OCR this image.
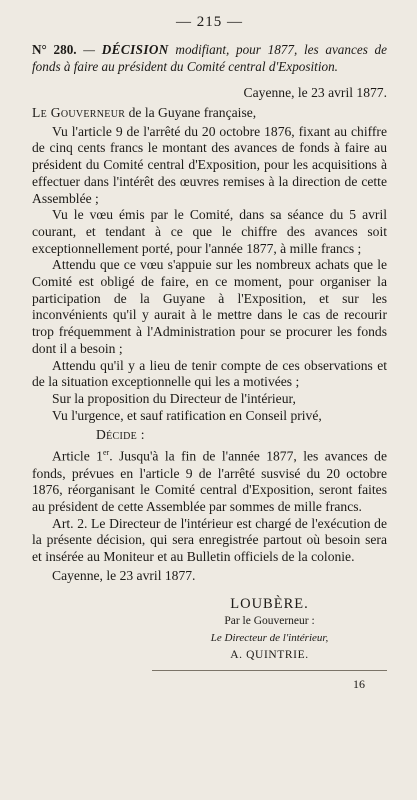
— 215 —

N° 280. — DÉCISION modifiant, pour 1877, les avances de fonds à faire au président du Comité central d'Exposition.

Cayenne, le 23 avril 1877.

Le Gouverneur de la Guyane française,

Vu l'article 9 de l'arrêté du 20 octobre 1876, fixant au chiffre de cinq cents francs le montant des avances de fonds à faire au président du Comité central d'Exposition, pour les acquisitions à effectuer dans l'intérêt des œuvres remises à la direction de cette Assemblée ;

Vu le vœu émis par le Comité, dans sa séance du 5 avril courant, et tendant à ce que le chiffre des avances soit exceptionnellement porté, pour l'année 1877, à mille francs ;

Attendu que ce vœu s'appuie sur les nombreux achats que le Comité est obligé de faire, en ce moment, pour organiser la participation de la Guyane à l'Exposition, et sur les inconvénients qu'il y aurait à le mettre dans le cas de recourir trop fréquemment à l'Administration pour se procurer les fonds dont il a besoin ;

Attendu qu'il y a lieu de tenir compte de ces observations et de la situation exceptionnelle qui les a motivées ;

Sur la proposition du Directeur de l'intérieur,

Vu l'urgence, et sauf ratification en Conseil privé,

Décide :

Article 1er. Jusqu'à la fin de l'année 1877, les avances de fonds, prévues en l'article 9 de l'arrêté susvisé du 20 octobre 1876, réorganisant le Comité central d'Exposition, seront faites au président de cette Assemblée par sommes de mille francs.

Art. 2. Le Directeur de l'intérieur est chargé de l'exécution de la présente décision, qui sera enregistrée partout où besoin sera et insérée au Moniteur et au Bulletin officiels de la colonie.

Cayenne, le 23 avril 1877.
LOUBÈRE.
Par le Gouverneur :
Le Directeur de l'intérieur,
A. QUINTRIE.
16
